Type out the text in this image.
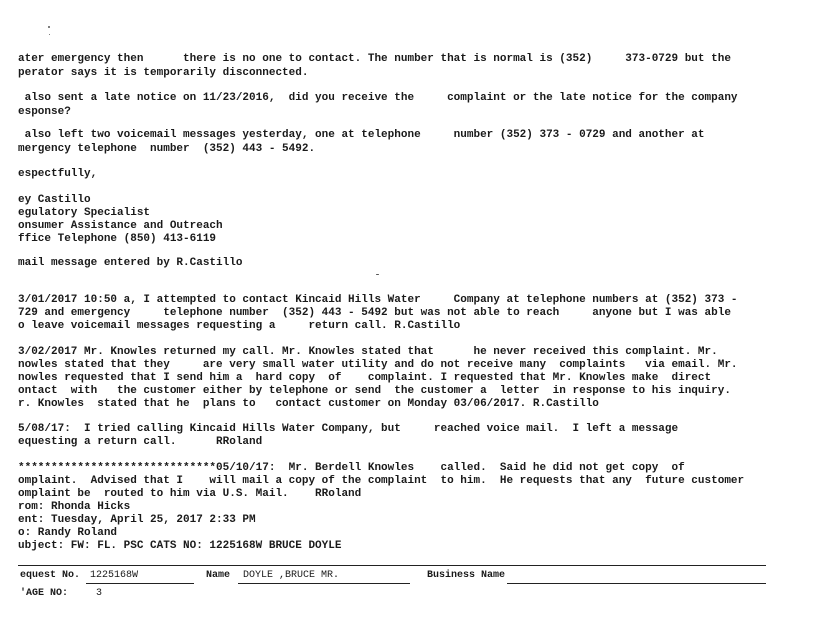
ater emergency then      there is no one to contact. The number that is normal is (352)     373-0729 but the
perator says it is temporarily disconnected.
also sent a late notice on 11/23/2016,  did you receive the     complaint or the late notice for the company
esponse?
also left two voicemail messages yesterday, one at telephone     number (352) 373 - 0729 and another at
mergency telephone  number  (352) 443 - 5492.
espectfully,
ey Castillo
egulatory Specialist
onsumer Assistance and Outreach
ffice Telephone (850) 413-6119
mail message entered by R.Castillo
3/01/2017 10:50 a, I attempted to contact Kincaid Hills Water     Company at telephone numbers at (352) 373 -
729 and emergency     telephone number  (352) 443 - 5492 but was not able to reach     anyone but I was able
o leave voicemail messages requesting a     return call. R.Castillo
3/02/2017 Mr. Knowles returned my call. Mr. Knowles stated that      he never received this complaint. Mr.
nowles stated that they     are very small water utility and do not receive many  complaints   via email. Mr.
nowles requested that I send him a  hard copy  of    complaint. I requested that Mr. Knowles make  direct
ontact  with   the customer either by telephone or send  the customer a  letter  in response to his inquiry.
r. Knowles  stated that he  plans to   contact customer on Monday 03/06/2017. R.Castillo
5/08/17:  I tried calling Kincaid Hills Water Company, but     reached voice mail.  I left a message
equesting a return call.      RRoland
******************************05/10/17:  Mr. Berdell Knowles    called.  Said he did not get copy  of
omplaint.  Advised that I    will mail a copy of the complaint  to him.  He requests that any  future customer
omplaint be  routed to him via U.S. Mail.    RRoland
rom: Rhonda Hicks
ent: Tuesday, April 25, 2017 2:33 PM
o: Randy Roland
ubject: FW: FL. PSC CATS NO: 1225168W BRUCE DOYLE
equest No. 1225168W	Name DOYLE ,BRUCE MR.	Business Name
'AGE NO:	3
